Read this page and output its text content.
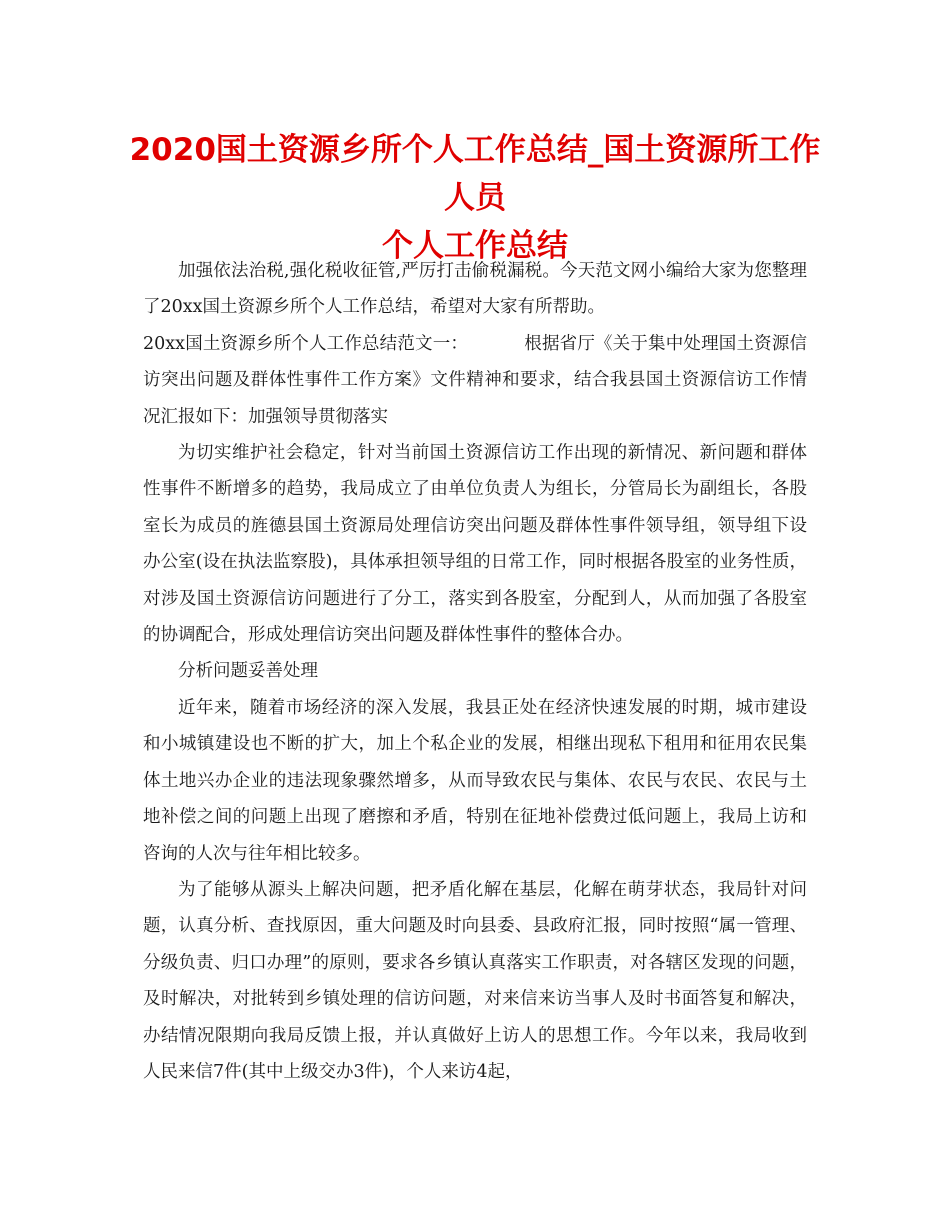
2020国土资源乡所个人工作总结_国土资源所工作人员
个人工作总结

加强依法治税,强化税收征管,严厉打击偷税漏税。今天范文网小编给大家为您整理了20xx国土资源乡所个人工作总结，希望对大家有所帮助。

20xx国土资源乡所个人工作总结范文一：	根据省厅《关于集中处理国土资源信访突出问题及群体性事件工作方案》文件精神和要求，结合我县国土资源信访工作情况汇报如下：加强领导贯彻落实

为切实维护社会稳定，针对当前国土资源信访工作出现的新情况、新问题和群体性事件不断增多的趋势，我局成立了由单位负责人为组长，分管局长为副组长，各股室长为成员的旌德县国土资源局处理信访突出问题及群体性事件领导组，领导组下设办公室(设在执法监察股)，具体承担领导组的日常工作，同时根据各股室的业务性质，对涉及国土资源信访问题进行了分工，落实到各股室，分配到人，从而加强了各股室的协调配合，形成处理信访突出问题及群体性事件的整体合办。

分析问题妥善处理

近年来，随着市场经济的深入发展，我县正处在经济快速发展的时期，城市建设和小城镇建设也不断的扩大，加上个私企业的发展，相继出现私下租用和征用农民集体土地兴办企业的违法现象骤然增多，从而导致农民与集体、农民与农民、农民与土地补偿之间的问题上出现了磨擦和矛盾，特别在征地补偿费过低问题上，我局上访和咨询的人次与往年相比较多。

为了能够从源头上解决问题，把矛盾化解在基层，化解在萌芽状态，我局针对问题，认真分析、查找原因，重大问题及时向县委、县政府汇报，同时按照“属一管理、分级负责、归口办理”的原则，要求各乡镇认真落实工作职责，对各辖区发现的问题，及时解决，对批转到乡镇处理的信访问题，对来信来访当事人及时书面答复和解决，办结情况限期向我局反馈上报，并认真做好上访人的思想工作。今年以来，我局收到人民来信7件(其中上级交办3件)，个人来访4起，
